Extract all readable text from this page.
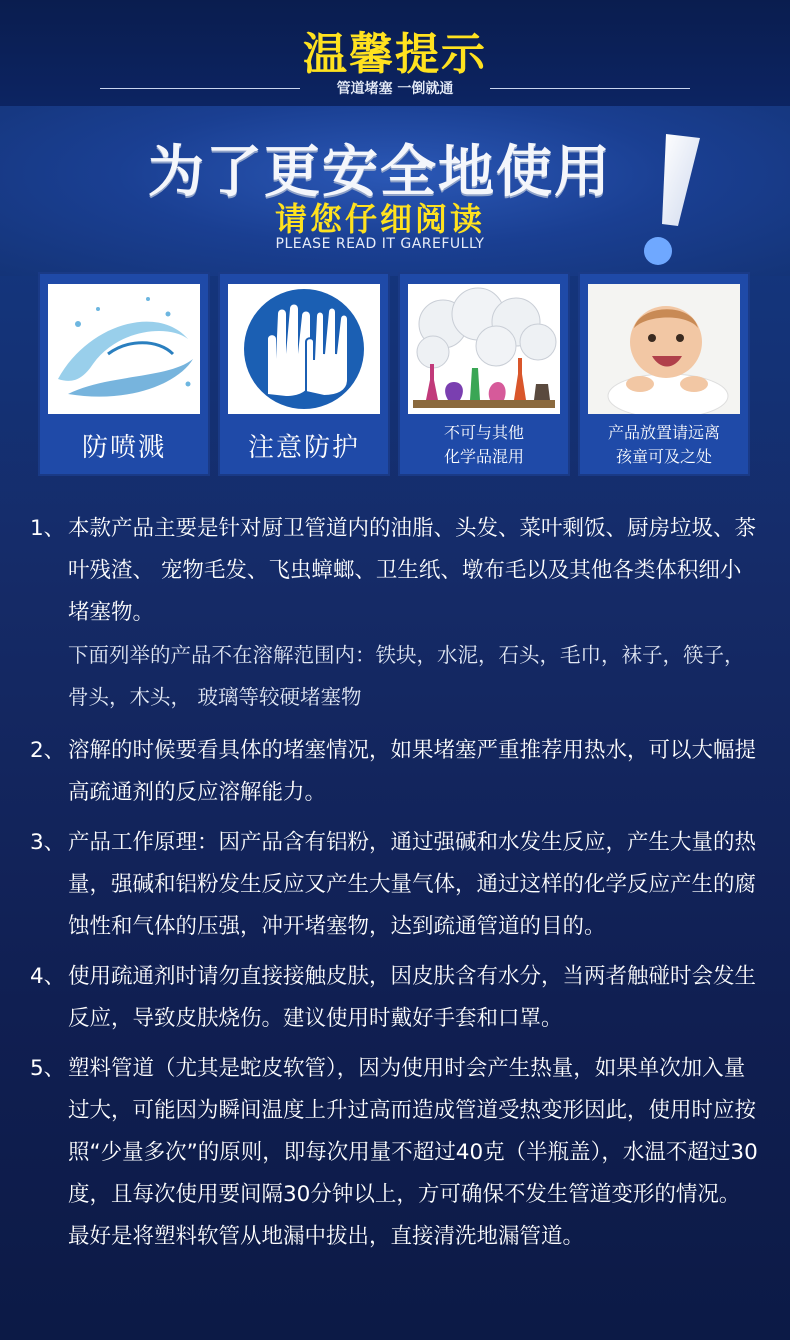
温馨提示
管道堵塞 一倒就通
为了更安全地使用
请您仔细阅读
PLEASE READ IT GAREFULLY
防喷溅	注意防护	不可与其他
化学品混用
产品放置请远离
孩童可及之处
1、 本款产品主要是针对厨卫管道内的油脂、头发、菜叶剩饭、厨房垃圾、茶叶残渣、 宠物毛发、飞虫蟑螂、卫生纸、墩布毛以及其他各类体积细小堵塞物。
下面列举的产品不在溶解范围内：铁块，水泥，石头，毛巾，袜子，筷子，骨头，木头， 玻璃等较硬堵塞物
2、 溶解的时候要看具体的堵塞情况，如果堵塞严重推荐用热水，可以大幅提高疏通剂的反应溶解能力。
3、 产品工作原理：因产品含有铝粉，通过强碱和水发生反应，产生大量的热量，强碱和铝粉发生反应又产生大量气体，通过这样的化学反应产生的腐蚀性和气体的压强，冲开堵塞物，达到疏通管道的目的。
4、 使用疏通剂时请勿直接接触皮肤，因皮肤含有水分，当两者触碰时会发生反应，导致皮肤烧伤。建议使用时戴好手套和口罩。
5、 塑料管道（尤其是蛇皮软管），因为使用时会产生热量，如果单次加入量过大，可能因为瞬间温度上升过高而造成管道受热变形因此，使用时应按照“少量多次”的原则，即每次用量不超过40克（半瓶盖），水温不超过30度，且每次使用要间隔30分钟以上，方可确保不发生管道变形的情况。最好是将塑料软管从地漏中拔出，直接清洗地漏管道。
